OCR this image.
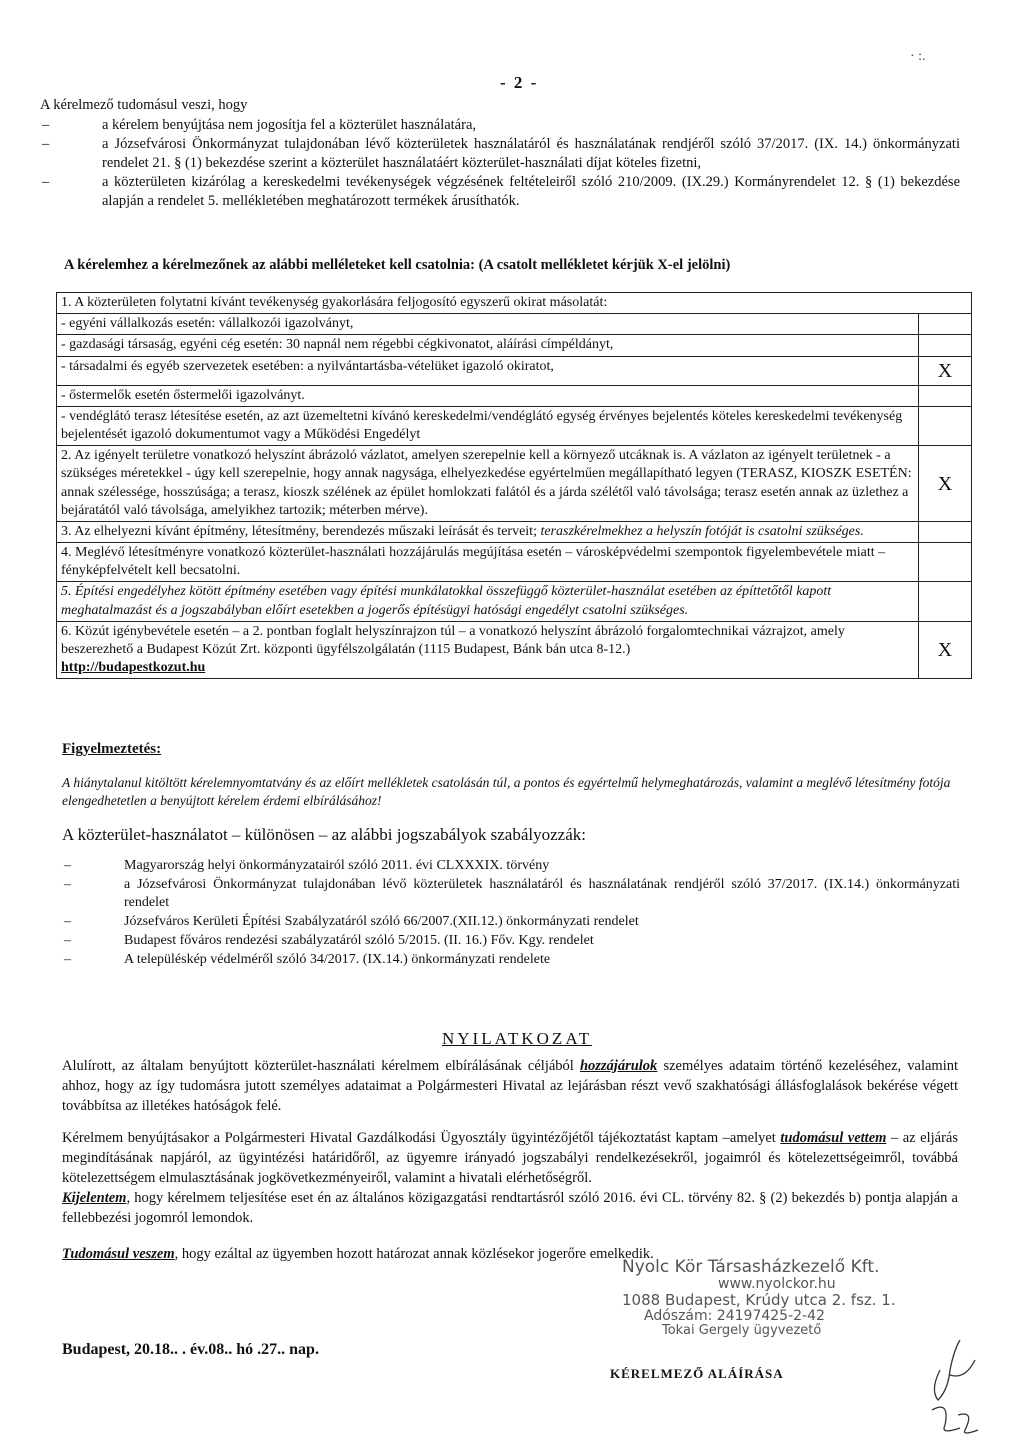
· :.
- 2 -
A kérelmező tudomásul veszi, hogy
–	a kérelem benyújtása nem jogosítja fel a közterület használatára,
–	a Józsefvárosi Önkormányzat tulajdonában lévő közterületek használatáról és használatának rendjéről szóló 37/2017. (IX. 14.) önkormányzati rendelet 21. § (1) bekezdése szerint a közterület használatáért közterület-használati díjat köteles fizetni,
–	a közterületen kizárólag a kereskedelmi tevékenységek végzésének feltételeiről szóló 210/2009. (IX.29.) Kormányrendelet 12. § (1) bekezdése alapján a rendelet 5. mellékletében meghatározott termékek árusíthatók.
A kérelemhez a kérelmezőnek az alábbi melléleteket kell csatolnia: (A csatolt mellékletet kérjük X-el jelölni)
1. A közterületen folytatni kívánt tevékenység gyakorlására feljogosító egyszerű okirat másolatát:	
- egyéni vállalkozás esetén: vállalkozói igazolványt,	
- gazdasági társaság, egyéni cég esetén: 30 napnál nem régebbi cégkivonatot, aláírási címpéldányt,	
- társadalmi és egyéb szervezetek esetében: a nyilvántartásba-vételüket igazoló okiratot,	X
- őstermelők esetén őstermelői igazolványt.	
- vendéglátó terasz létesítése esetén, az azt üzemeltetni kívánó kereskedelmi/vendéglátó egység érvényes bejelentés köteles kereskedelmi tevékenység bejelentését igazoló dokumentumot vagy a Működési Engedélyt	
2. Az igényelt területre vonatkozó helyszínt ábrázoló vázlatot, amelyen szerepelnie kell a környező utcáknak is. A vázlaton az igényelt területnek - a szükséges méretekkel - úgy kell szerepelnie, hogy annak nagysága, elhelyezkedése egyértelműen megállapítható legyen (TERASZ, KIOSZK ESETÉN: annak szélessége, hosszúsága; a terasz, kioszk szélének az épület homlokzati falától és a járda szélétől való távolsága; terasz esetén annak az üzlethez a bejáratától való távolsága, amelyikhez tartozik; méterben mérve).	X
3. Az elhelyezni kívánt építmény, létesítmény, berendezés műszaki leírását és terveit; teraszkérelmekhez a helyszín fotóját is csatolni szükséges.	
4. Meglévő létesítményre vonatkozó közterület-használati hozzájárulás megújítása esetén – városképvédelmi szempontok figyelembevétele miatt – fényképfelvételt kell becsatolni.	
5. Építési engedélyhez kötött építmény esetében vagy építési munkálatokkal összefüggő közterület-használat esetében az építtetőtől kapott meghatalmazást és a jogszabályban előírt esetekben a jogerős építésügyi hatósági engedélyt csatolni szükséges.	
6. Közút igénybevétele esetén – a 2. pontban foglalt helyszínrajzon túl – a vonatkozó helyszínt ábrázoló forgalomtechnikai vázrajzot, amely beszerezhető a Budapest Közút Zrt. központi ügyfélszolgálatán (1115 Budapest, Bánk bán utca 8-12.)
http://budapestkozut.hu	X
Figyelmeztetés:
A hiánytalanul kitöltött kérelemnyomtatvány és az előírt mellékletek csatolásán túl, a pontos és egyértelmű helymeghatározás, valamint a meglévő létesítmény fotója elengedhetetlen a benyújtott kérelem érdemi elbírálásához!
A közterület-használatot – különösen – az alábbi jogszabályok szabályozzák:
–	Magyarország helyi önkormányzatairól szóló 2011. évi CLXXXIX. törvény
–	a Józsefvárosi Önkormányzat tulajdonában lévő közterületek használatáról és használatának rendjéről szóló 37/2017. (IX.14.) önkormányzati rendelet
–	Józsefváros Kerületi Építési Szabályzatáról szóló 66/2007.(XII.12.) önkormányzati rendelet
–	Budapest főváros rendezési szabályzatáról szóló 5/2015. (II. 16.) Főv. Kgy. rendelet
–	A településkép védelméről szóló 34/2017. (IX.14.) önkormányzati rendelete
NYILATKOZAT
Alulírott, az általam benyújtott közterület-használati kérelmem elbírálásának céljából hozzájárulok személyes adataim történő kezeléséhez, valamint ahhoz, hogy az így tudomásra jutott személyes adataimat a Polgármesteri Hivatal az lejárásban részt vevő szakhatósági állásfoglalások bekérése végett továbbítsa az illetékes hatóságok felé.
Kérelmem benyújtásakor a Polgármesteri Hivatal Gazdálkodási Ügyosztály ügyintézőjétől tájékoztatást kaptam –amelyet tudomásul vettem – az eljárás megindításának napjáról, az ügyintézési határidőről, az ügyemre irányadó jogszabályi rendelkezésekről, jogaimról és kötelezettségeimről, továbbá kötelezettségem elmulasztásának jogkövetkezményeiről, valamint a hivatali elérhetőségről.
Kijelentem, hogy kérelmem teljesítése eset én az általános közigazgatási rendtartásról szóló 2016. évi CL. törvény 82. § (2) bekezdés b) pontja alapján a fellebbezési jogomról lemondok.
Tudomásul veszem, hogy ezáltal az ügyemben hozott határozat annak közlésekor jogerőre emelkedik.
Nyolc Kör Társasházkezelő Kft.
www.nyolckor.hu
1088 Budapest, Krúdy utca 2. fsz. 1.
Adószám: 24197425-2-42
Tokai Gergely ügyvezető
Budapest, 20.18.. . év.08.. hó .27.. nap.
KÉRELMEZŐ ALÁÍRÁSA
